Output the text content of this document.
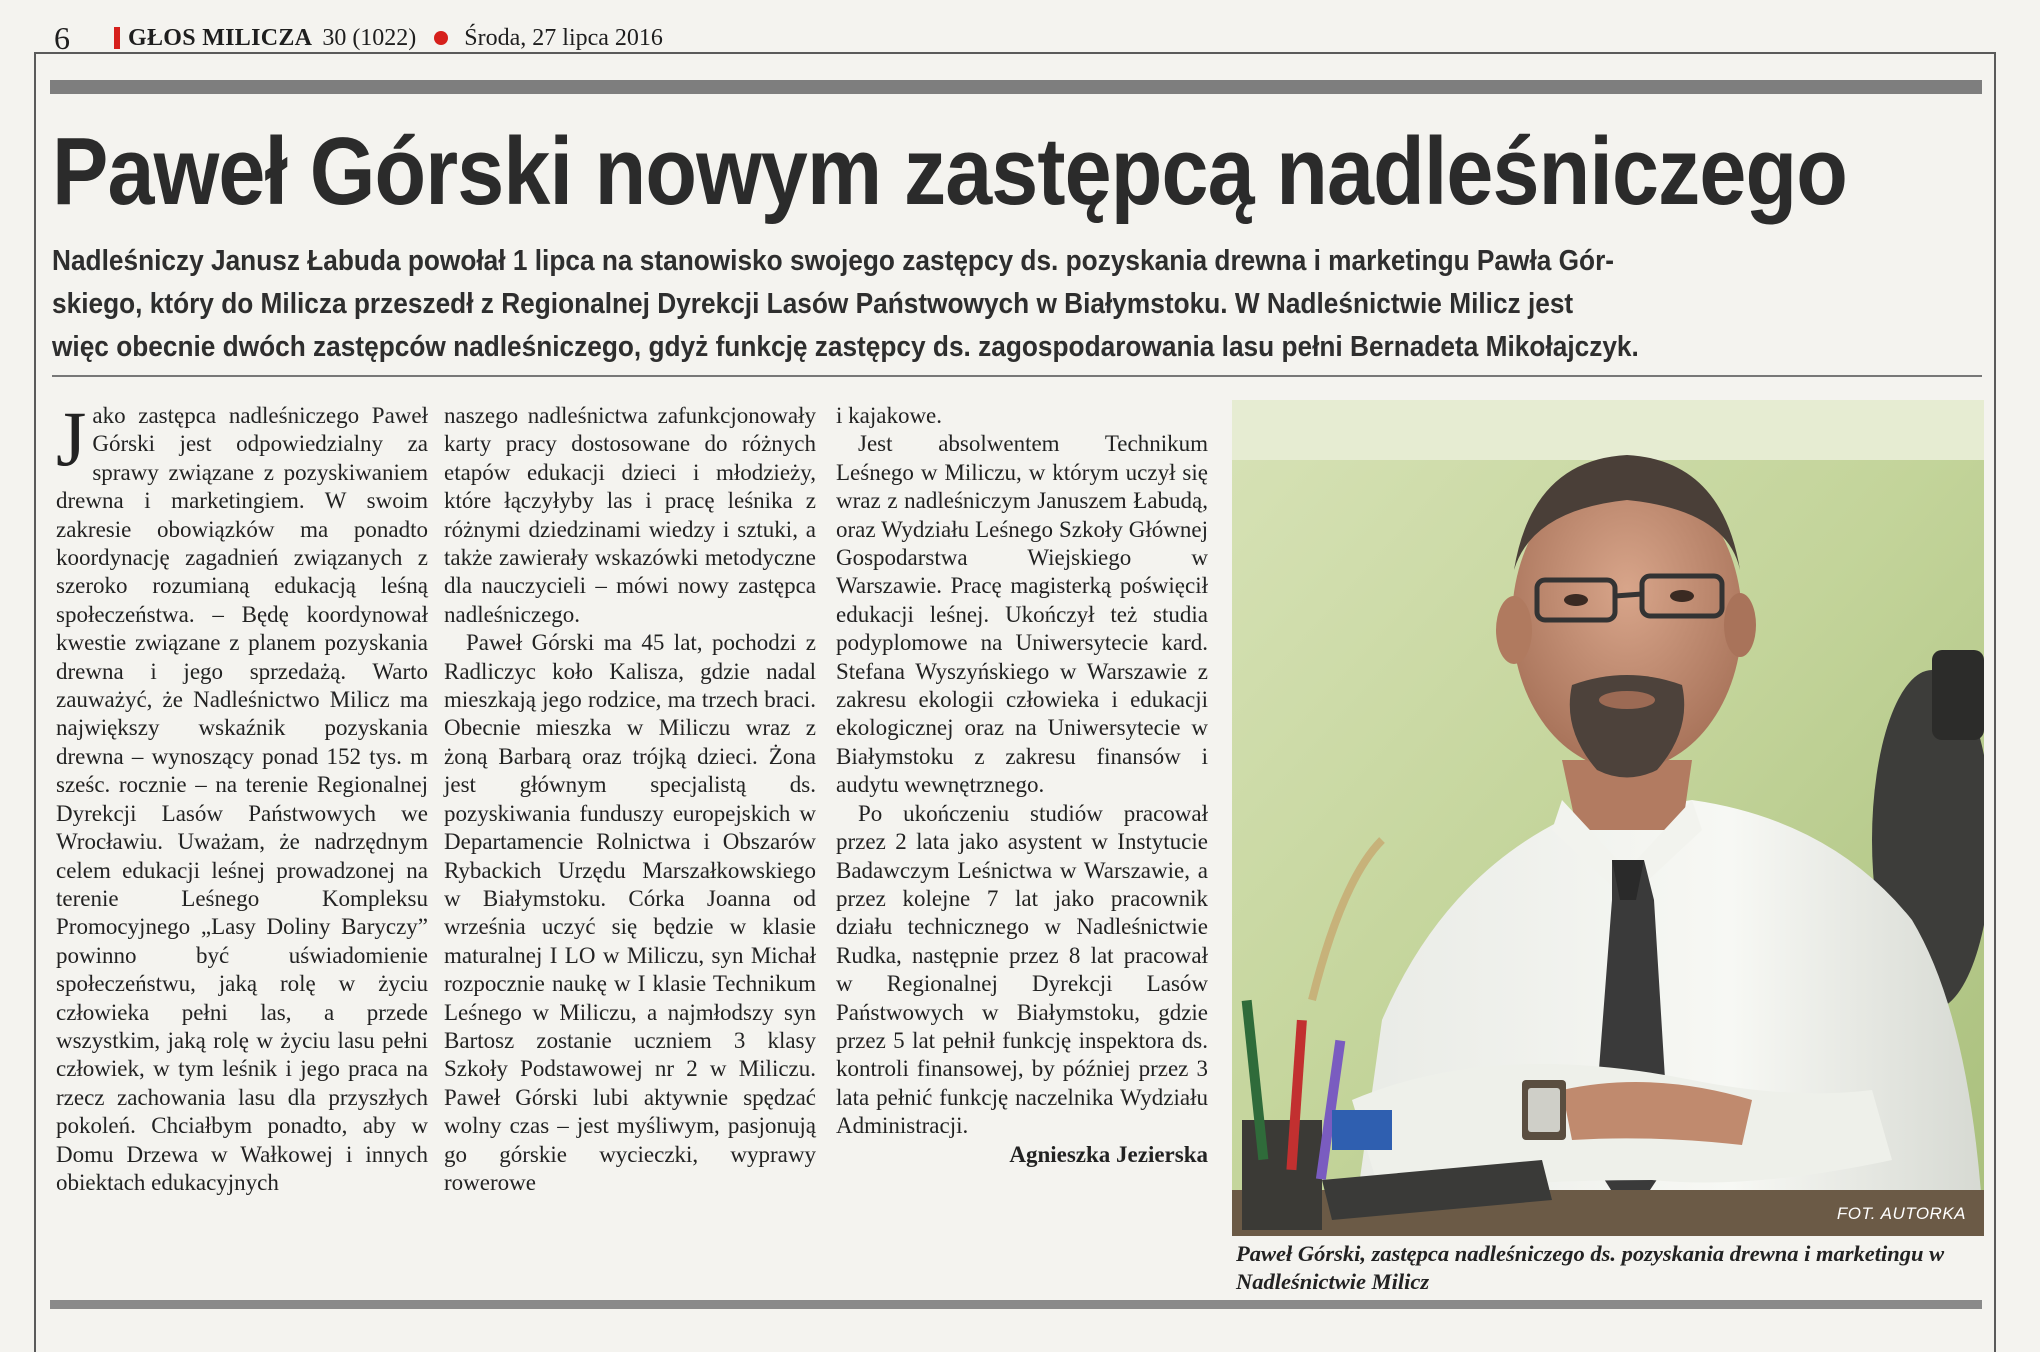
6 GŁOS MILICZA 30 (1022) Środa, 27 lipca 2016
Paweł Górski nowym zastępcą nadleśniczego
Nadleśniczy Janusz Łabuda powołał 1 lipca na stanowisko swojego zastępcy ds. pozyskania drewna i marketingu Pawła Gór-
skiego, który do Milicza przeszedł z Regionalnej Dyrekcji Lasów Państwowych w Białymstoku. W Nadleśnictwie Milicz jest
więc obecnie dwóch zastępców nadleśniczego, gdyż funkcję zastępcy ds. zagospodarowania lasu pełni Bernadeta Mikołajczyk.

Jako zastępca nadleśniczego Paweł Górski jest odpowiedzialny za sprawy związane z pozyskiwaniem drewna i marketingiem. W swoim zakresie obowiązków ma ponadto koordynację zagadnień związanych z szeroko rozumianą edukacją leśną społeczeństwa. – Będę koordynował kwestie związane z planem pozyskania drewna i jego sprzedażą. Warto zauważyć, że Nadleśnictwo Milicz ma największy wskaźnik pozyskania drewna – wynoszący ponad 152 tys. m sześc. rocznie – na terenie Regionalnej Dyrekcji Lasów Państwowych we Wrocławiu. Uważam, że nadrzędnym celem edukacji leśnej prowadzonej na terenie Leśnego Kompleksu Promocyjnego „Lasy Doliny Baryczy” powinno być uświadomienie społeczeństwu, jaką rolę w życiu człowieka pełni las, a przede wszystkim, jaką rolę w życiu lasu pełni człowiek, w tym leśnik i jego praca na rzecz zachowania lasu dla przyszłych pokoleń. Chciałbym ponadto, aby w Domu Drzewa w Wałkowej i innych obiektach edukacyjnych

naszego nadleśnictwa zafunkcjonowały karty pracy dostosowane do różnych etapów edukacji dzieci i młodzieży, które łączyłyby las i pracę leśnika z różnymi dziedzinami wiedzy i sztuki, a także zawierały wskazówki metodyczne dla nauczycieli – mówi nowy zastępca nadleśniczego.

Paweł Górski ma 45 lat, pochodzi z Radliczyc koło Kalisza, gdzie nadal mieszkają jego rodzice, ma trzech braci. Obecnie mieszka w Miliczu wraz z żoną Barbarą oraz trójką dzieci. Żona jest głównym specjalistą ds. pozyskiwania funduszy europejskich w Departamencie Rolnictwa i Obszarów Rybackich Urzędu Marszałkowskiego w Białymstoku. Córka Joanna od września uczyć się będzie w klasie maturalnej I LO w Miliczu, syn Michał rozpocznie naukę w I klasie Technikum Leśnego w Miliczu, a najmłodszy syn Bartosz zostanie uczniem 3 klasy Szkoły Podstawowej nr 2 w Miliczu. Paweł Górski lubi aktywnie spędzać wolny czas – jest myśliwym, pasjonują go górskie wycieczki, wyprawy rowerowe

i kajakowe.

Jest absolwentem Technikum Leśnego w Miliczu, w którym uczył się wraz z nadleśniczym Januszem Łabudą, oraz Wydziału Leśnego Szkoły Głównej Gospodarstwa Wiejskiego w Warszawie. Pracę magisterką poświęcił edukacji leśnej. Ukończył też studia podyplomowe na Uniwersytecie kard. Stefana Wyszyńskiego w Warszawie z zakresu ekologii człowieka i edukacji ekologicznej oraz na Uniwersytecie w Białymstoku z zakresu finansów i audytu wewnętrznego.

Po ukończeniu studiów pracował przez 2 lata jako asystent w Instytucie Badawczym Leśnictwa w Warszawie, a przez kolejne 7 lat jako pracownik działu technicznego w Nadleśnictwie Rudka, następnie przez 8 lat pracował w Regionalnej Dyrekcji Lasów Państwowych w Białymstoku, gdzie przez 5 lat pełnił funkcję inspektora ds. kontroli finansowej, by później przez 3 lata pełnić funkcję naczelnika Wydziału Administracji.

Agnieszka Jezierska

FOT. AUTORKA
Paweł Górski, zastępca nadleśniczego ds. pozyskania drewna i marketingu w Nadleśnictwie Milicz
